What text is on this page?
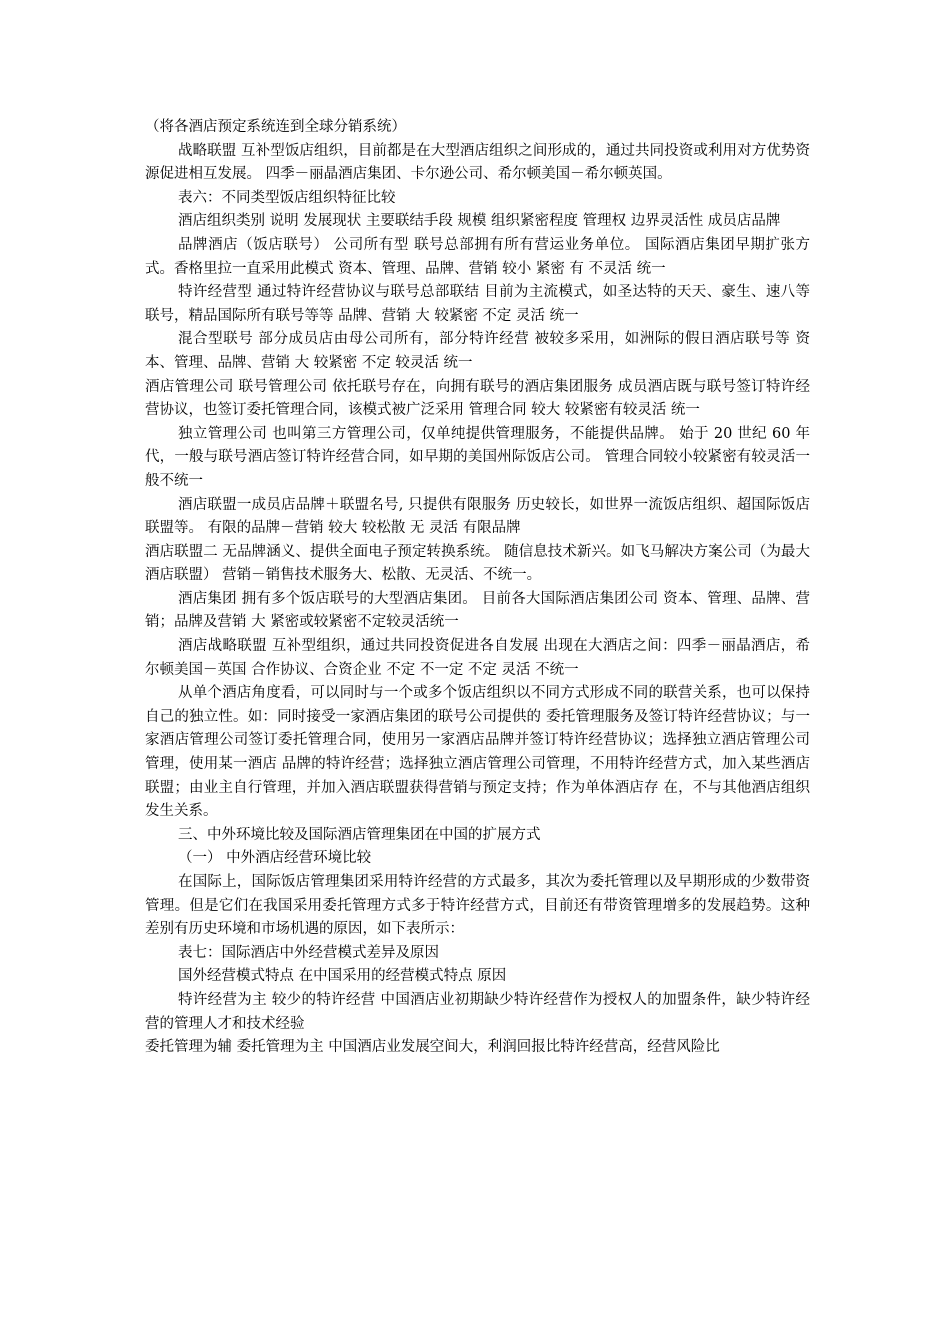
（将各酒店预定系统连到全球分销系统）

战略联盟 互补型饭店组织，目前都是在大型酒店组织之间形成的，通过共同投资或利用对方优势资源促进相互发展。 四季－丽晶酒店集团、卡尔逊公司、希尔顿美国－希尔顿英国。

表六：不同类型饭店组织特征比较

酒店组织类别 说明 发展现状 主要联结手段 规模 组织紧密程度 管理权 边界灵活性 成员店品牌

品牌酒店（饭店联号） 公司所有型 联号总部拥有所有营运业务单位。 国际酒店集团早期扩张方式。香格里拉一直采用此模式 资本、管理、品牌、营销 较小 紧密 有 不灵活 统一

特许经营型 通过特许经营协议与联号总部联结 目前为主流模式，如圣达特的天天、豪生、速八等联号，精品国际所有联号等等 品牌、营销 大 较紧密 不定 灵活 统一

混合型联号 部分成员店由母公司所有，部分特许经营 被较多采用，如洲际的假日酒店联号等 资本、管理、品牌、营销 大 较紧密 不定 较灵活 统一

酒店管理公司 联号管理公司 依托联号存在，向拥有联号的酒店集团服务 成员酒店既与联号签订特许经营协议，也签订委托管理合同，该模式被广泛采用 管理合同 较大 较紧密有较灵活 统一

独立管理公司 也叫第三方管理公司，仅单纯提供管理服务，不能提供品牌。 始于 20 世纪 60 年代，一般与联号酒店签订特许经营合同，如早期的美国州际饭店公司。 管理合同较小较紧密有较灵活一般不统一

酒店联盟一成员店品牌＋联盟名号, 只提供有限服务 历史较长，如世界一流饭店组织、超国际饭店联盟等。 有限的品牌－营销 较大 较松散 无 灵活 有限品牌

酒店联盟二 无品牌涵义、提供全面电子预定转换系统。 随信息技术新兴。如飞马解决方案公司（为最大酒店联盟） 营销－销售技术服务大、松散、无灵活、不统一。

酒店集团 拥有多个饭店联号的大型酒店集团。 目前各大国际酒店集团公司 资本、管理、品牌、营销；品牌及营销 大 紧密或较紧密不定较灵活统一

酒店战略联盟 互补型组织，通过共同投资促进各自发展 出现在大酒店之间：四季－丽晶酒店，希尔顿美国－英国 合作协议、合资企业 不定 不一定 不定 灵活 不统一

从单个酒店角度看，可以同时与一个或多个饭店组织以不同方式形成不同的联营关系，也可以保持自己的独立性。如：同时接受一家酒店集团的联号公司提供的 委托管理服务及签订特许经营协议；与一家酒店管理公司签订委托管理合同，使用另一家酒店品牌并签订特许经营协议；选择独立酒店管理公司管理，使用某一酒店 品牌的特许经营；选择独立酒店管理公司管理，不用特许经营方式，加入某些酒店联盟；由业主自行管理，并加入酒店联盟获得营销与预定支持；作为单体酒店存 在，不与其他酒店组织发生关系。

三、中外环境比较及国际酒店管理集团在中国的扩展方式

（一） 中外酒店经营环境比较

在国际上，国际饭店管理集团采用特许经营的方式最多，其次为委托管理以及早期形成的少数带资管理。但是它们在我国采用委托管理方式多于特许经营方式，目前还有带资管理增多的发展趋势。这种差别有历史环境和市场机遇的原因，如下表所示：

表七：国际酒店中外经营模式差异及原因

国外经营模式特点 在中国采用的经营模式特点 原因

特许经营为主 较少的特许经营 中国酒店业初期缺少特许经营作为授权人的加盟条件，缺少特许经营的管理人才和技术经验

委托管理为辅 委托管理为主 中国酒店业发展空间大，利润回报比特许经营高，经营风险比
